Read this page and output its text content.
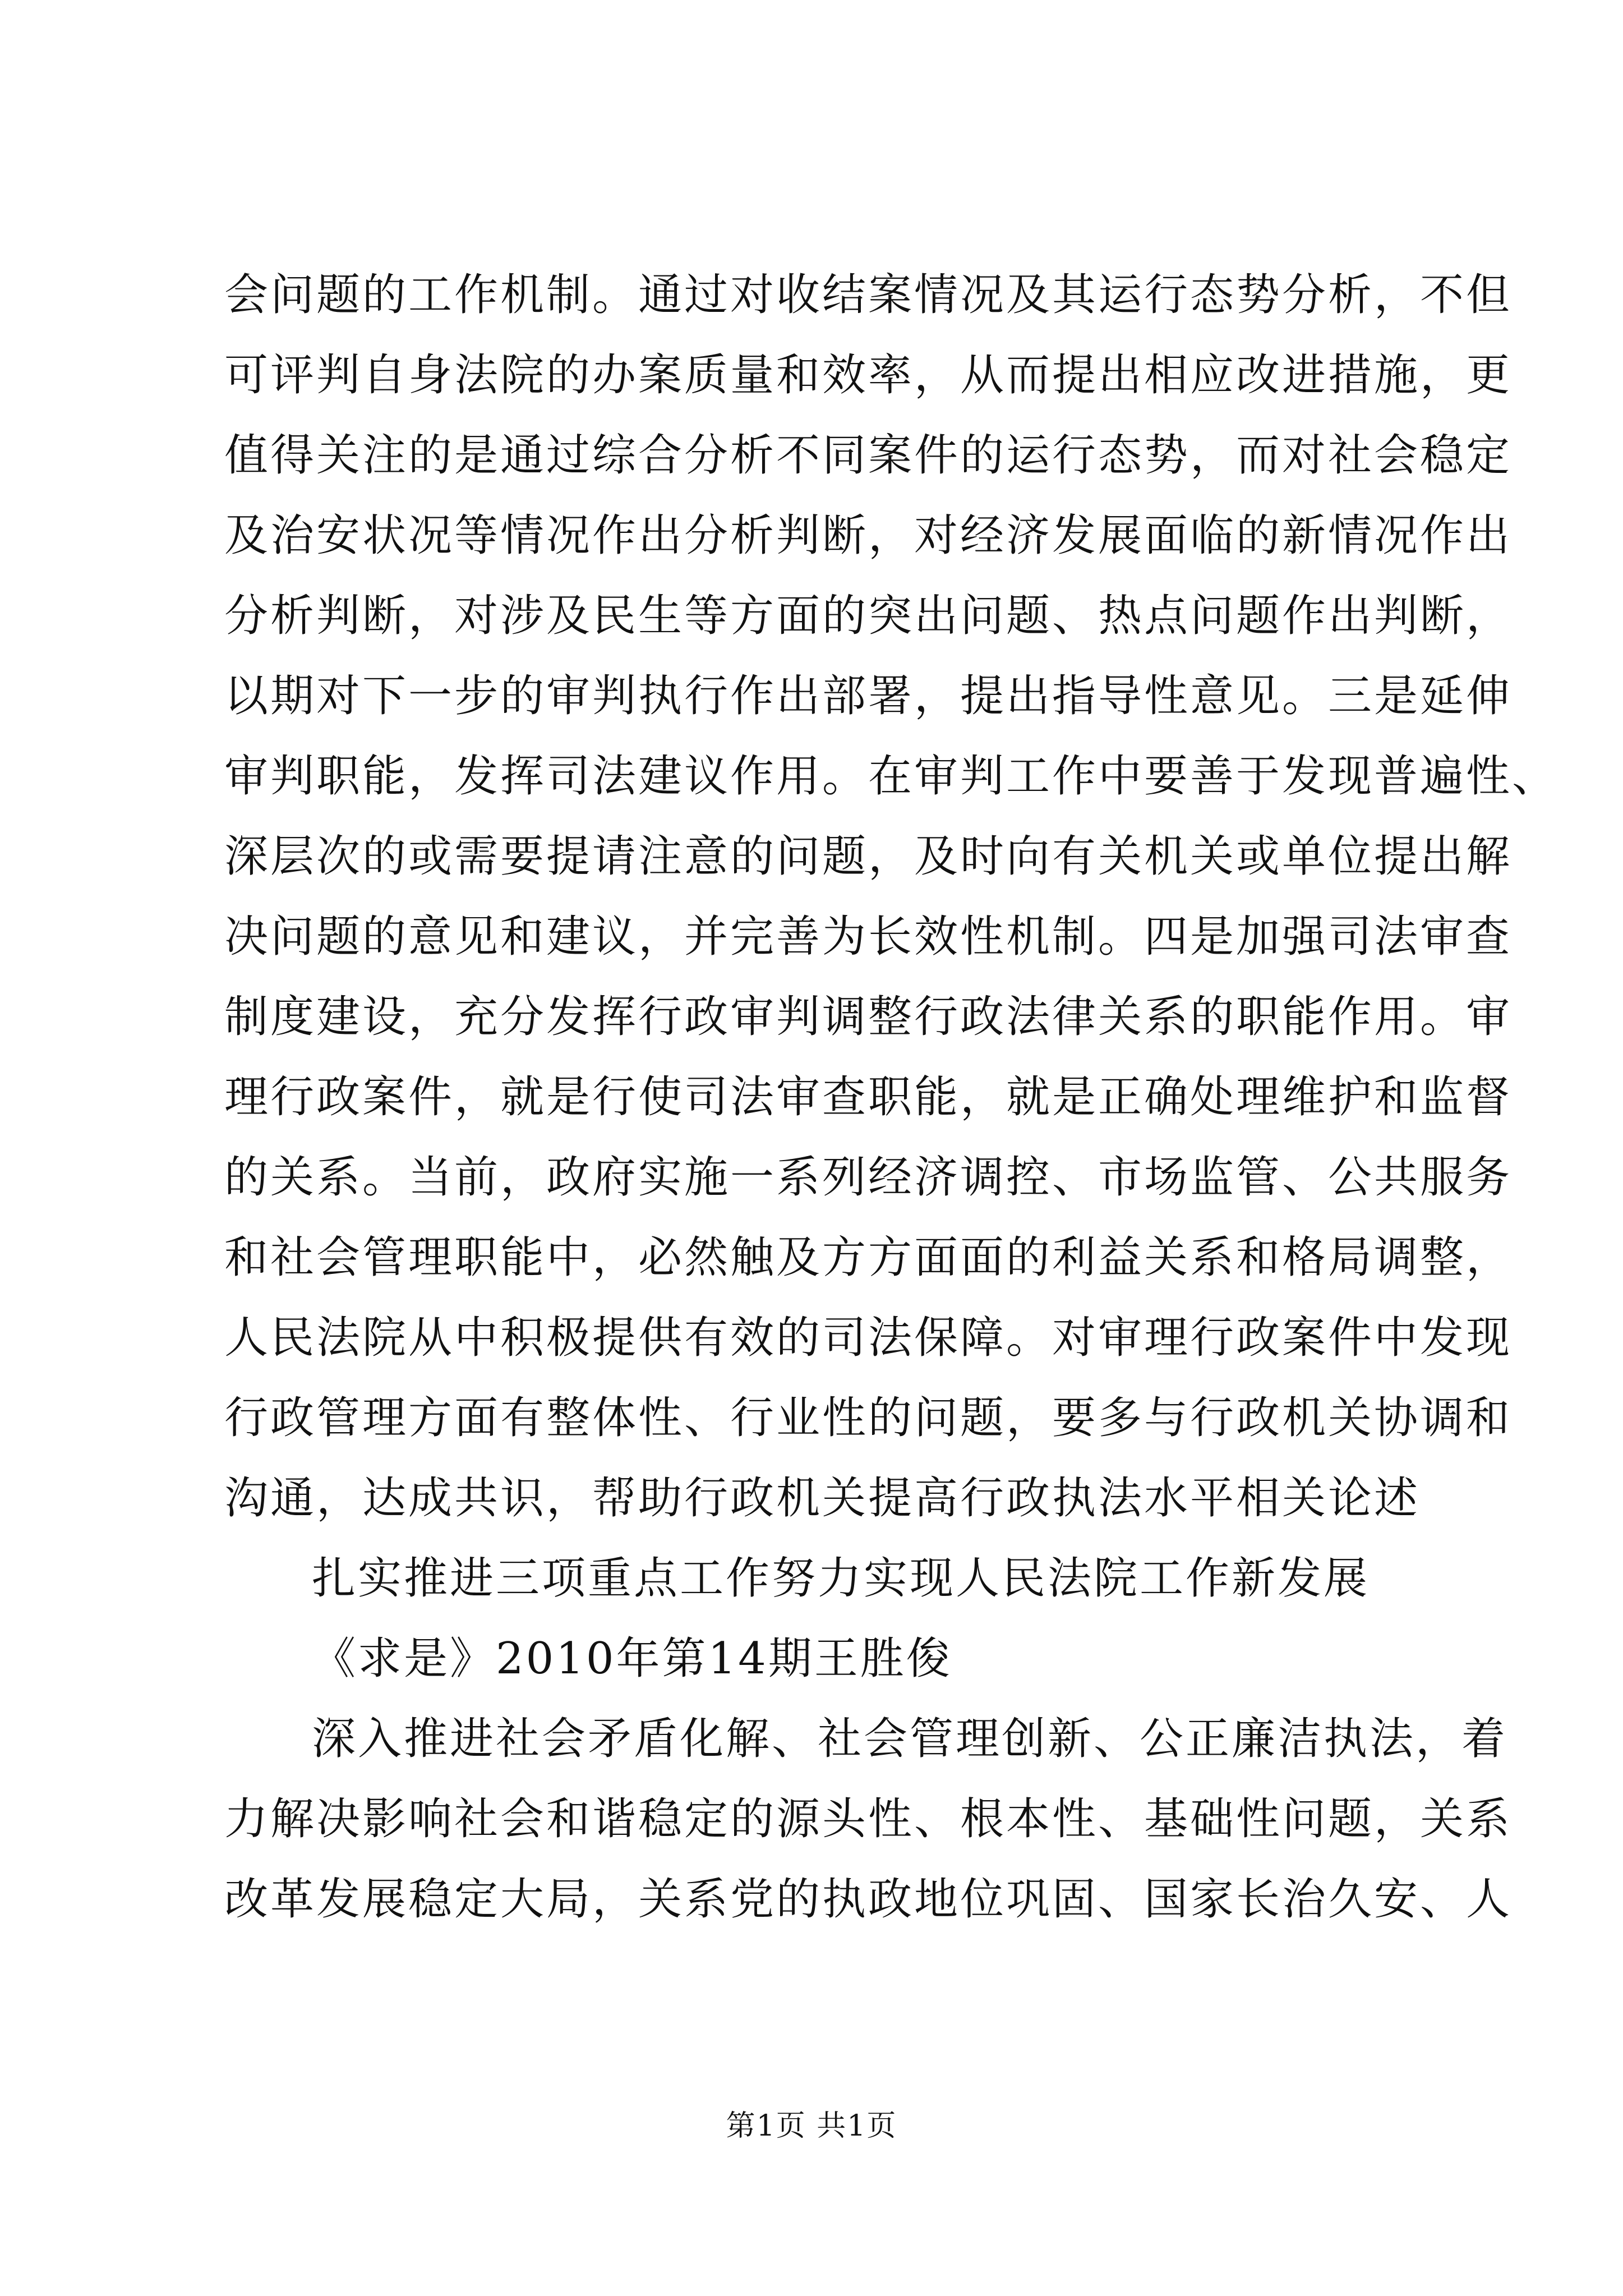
会问题的工作机制。通过对收结案情况及其运行态势分析，不但
可评判自身法院的办案质量和效率，从而提出相应改进措施，更
值得关注的是通过综合分析不同案件的运行态势，而对社会稳定
及治安状况等情况作出分析判断，对经济发展面临的新情况作出
分析判断，对涉及民生等方面的突出问题、热点问题作出判断，
以期对下一步的审判执行作出部署，提出指导性意见。三是延伸
审判职能，发挥司法建议作用。在审判工作中要善于发现普遍性、
深层次的或需要提请注意的问题，及时向有关机关或单位提出解
决问题的意见和建议，并完善为长效性机制。四是加强司法审查
制度建设，充分发挥行政审判调整行政法律关系的职能作用。审
理行政案件，就是行使司法审查职能，就是正确处理维护和监督
的关系。当前，政府实施一系列经济调控、市场监管、公共服务
和社会管理职能中，必然触及方方面面的利益关系和格局调整，
人民法院从中积极提供有效的司法保障。对审理行政案件中发现
行政管理方面有整体性、行业性的问题，要多与行政机关协调和
沟通，达成共识，帮助行政机关提高行政执法水平相关论述
扎实推进三项重点工作努力实现人民法院工作新发展
《求是》2010年第14期王胜俊
深入推进社会矛盾化解、社会管理创新、公正廉洁执法，着
力解决影响社会和谐稳定的源头性、根本性、基础性问题，关系
改革发展稳定大局，关系党的执政地位巩固、国家长治久安、人
第1页 共1页
